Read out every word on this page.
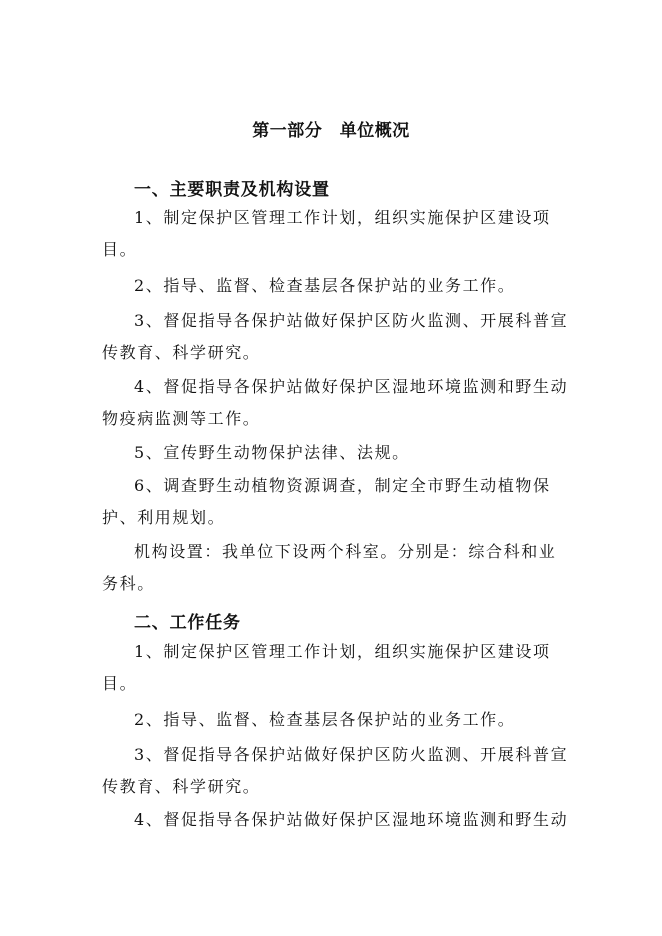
第一部分　单位概况
一、主要职责及机构设置

1、制定保护区管理工作计划，组织实施保护区建设项目。

2、指导、监督、检查基层各保护站的业务工作。

3、督促指导各保护站做好保护区防火监测、开展科普宣传教育、科学研究。

4、督促指导各保护站做好保护区湿地环境监测和野生动物疫病监测等工作。

5、宣传野生动物保护法律、法规。

6、调查野生动植物资源调查，制定全市野生动植物保护、利用规划。

机构设置：我单位下设两个科室。分别是：综合科和业务科。

二、工作任务

1、制定保护区管理工作计划，组织实施保护区建设项目。

2、指导、监督、检查基层各保护站的业务工作。

3、督促指导各保护站做好保护区防火监测、开展科普宣传教育、科学研究。

4、督促指导各保护站做好保护区湿地环境监测和野生动
